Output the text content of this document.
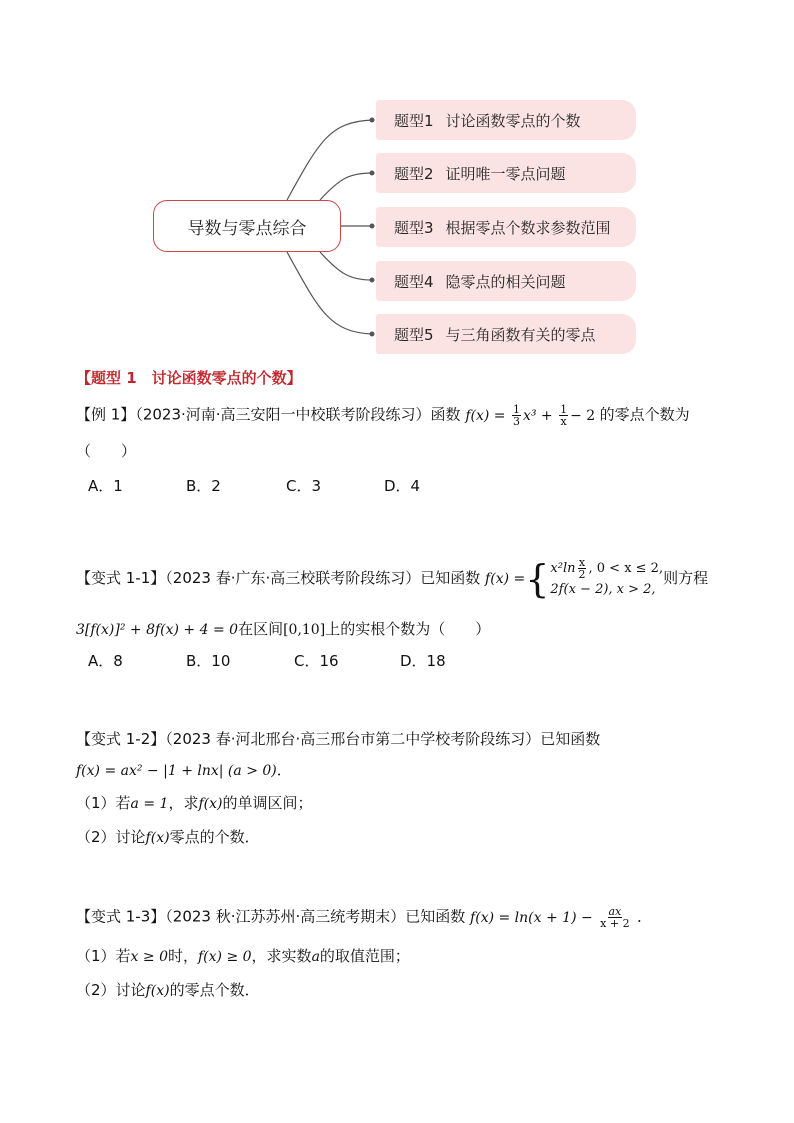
导数与零点综合
题型1 讨论函数零点的个数
题型2 证明唯一零点问题
题型3 根据零点个数求参数范围
题型4 隐零点的相关问题
题型5 与三角函数有关的零点
【题型 1　讨论函数零点的个数】
【例 1】（2023·河南·高三安阳一中校联考阶段练习）函数 $f(x) = \frac{1}{3} x^3 + \frac{1}{x} - 2$ 的零点个数为
（　　）
A．1	B．2	C．3	D．4
【变式 1-1】（2023 春·广东·高三校联考阶段练习）已知函数 f(x) = { $x^2\ln \frac{x}{2}$ , 0 < x ≤ 2,
2f(x − 2), x > 2,
则方程
3[f(x)]² + 8f(x) + 4 = 0在区间[0,10]上的实根个数为（　　）
A．8	B．10	C．16	D．18
【变式 1-2】（2023 春·河北邢台·高三邢台市第二中学校考阶段练习）已知函数
f(x) = ax² − |1 + lnx| (a > 0)．
（1）若a = 1，求f(x)的单调区间；
（2）讨论f(x)零点的个数．
【变式 1-3】（2023 秋·江苏苏州·高三统考期末）已知函数 $f(x) = \ln(x + 1) - \frac{ax}{x + 2}$ ．
（1）若x ≥ 0时，f(x) ≥ 0，求实数a的取值范围；
（2）讨论f(x)的零点个数．
